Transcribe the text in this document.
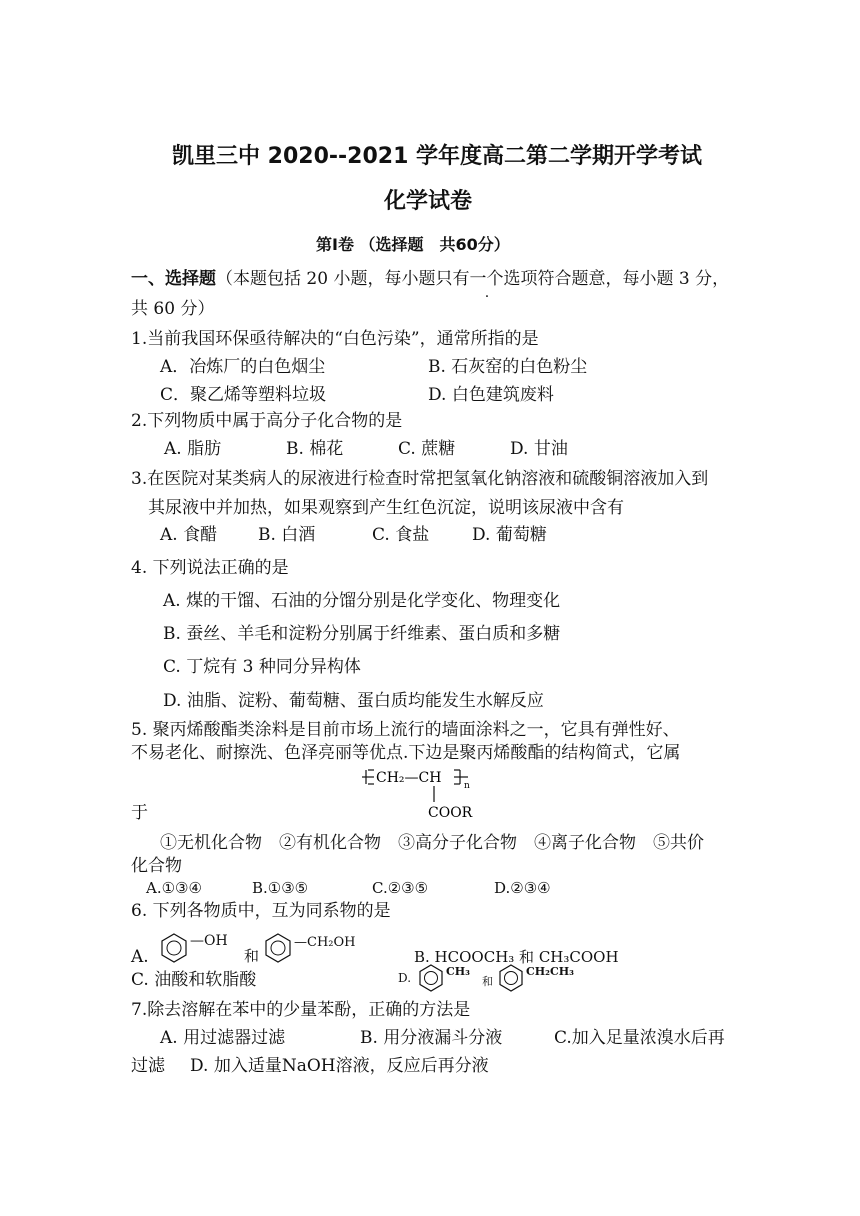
凯里三中 2020--2021 学年度高二第二学期开学考试
化学试卷
第Ⅰ卷 （选择题　共60分）
一、选择题（本题包括 20 小题，每小题只有一个选项符合题意，每小题 3 分，
共 60 分）
1.当前我国环保亟待解决的“白色污染”，通常所指的是
A．冶炼厂的白色烟尘	B. 石灰窑的白色粉尘
C．聚乙烯等塑料垃圾	D. 白色建筑废料
2.下列物质中属于高分子化合物的是
A. 脂肪	B. 棉花	C. 蔗糖	D. 甘油
3.在医院对某类病人的尿液进行检查时常把氢氧化钠溶液和硫酸铜溶液加入到
其尿液中并加热，如果观察到产生红色沉淀，说明该尿液中含有
A. 食醋 B. 白酒	C. 食盐	D. 葡萄糖
4. 下列说法正确的是
A. 煤的干馏、石油的分馏分别是化学变化、物理变化
B. 蚕丝、羊毛和淀粉分别属于纤维素、蛋白质和多糖
C. 丁烷有 3 种同分异构体
D. 油脂、淀粉、葡萄糖、蛋白质均能发生水解反应
5. 聚丙烯酸酯类涂料是目前市场上流行的墙面涂料之一，它具有弹性好、
不易老化、耐擦洗、色泽亮丽等优点.下边是聚丙烯酸酯的结构简式，它属
CH₂—CH	n
COOR
于
①无机化合物　②有机化合物　③高分子化合物　④离子化合物　⑤共价
化合物
A.①③④	B.①③⑤	C.②③⑤	D.②③④
6. 下列各物质中，互为同系物的是
A.
—OH
和
—CH₂OH
B. HCOOCH₃ 和 CH₃COOH
C. 油酸和软脂酸	D.	CH₃
和
CH₂CH₃
7.除去溶解在苯中的少量苯酚，正确的方法是
A. 用过滤器过滤	B. 用分液漏斗分液	C.加入足量浓溴水后再
过滤 D. 加入适量NaOH溶液，反应后再分液
